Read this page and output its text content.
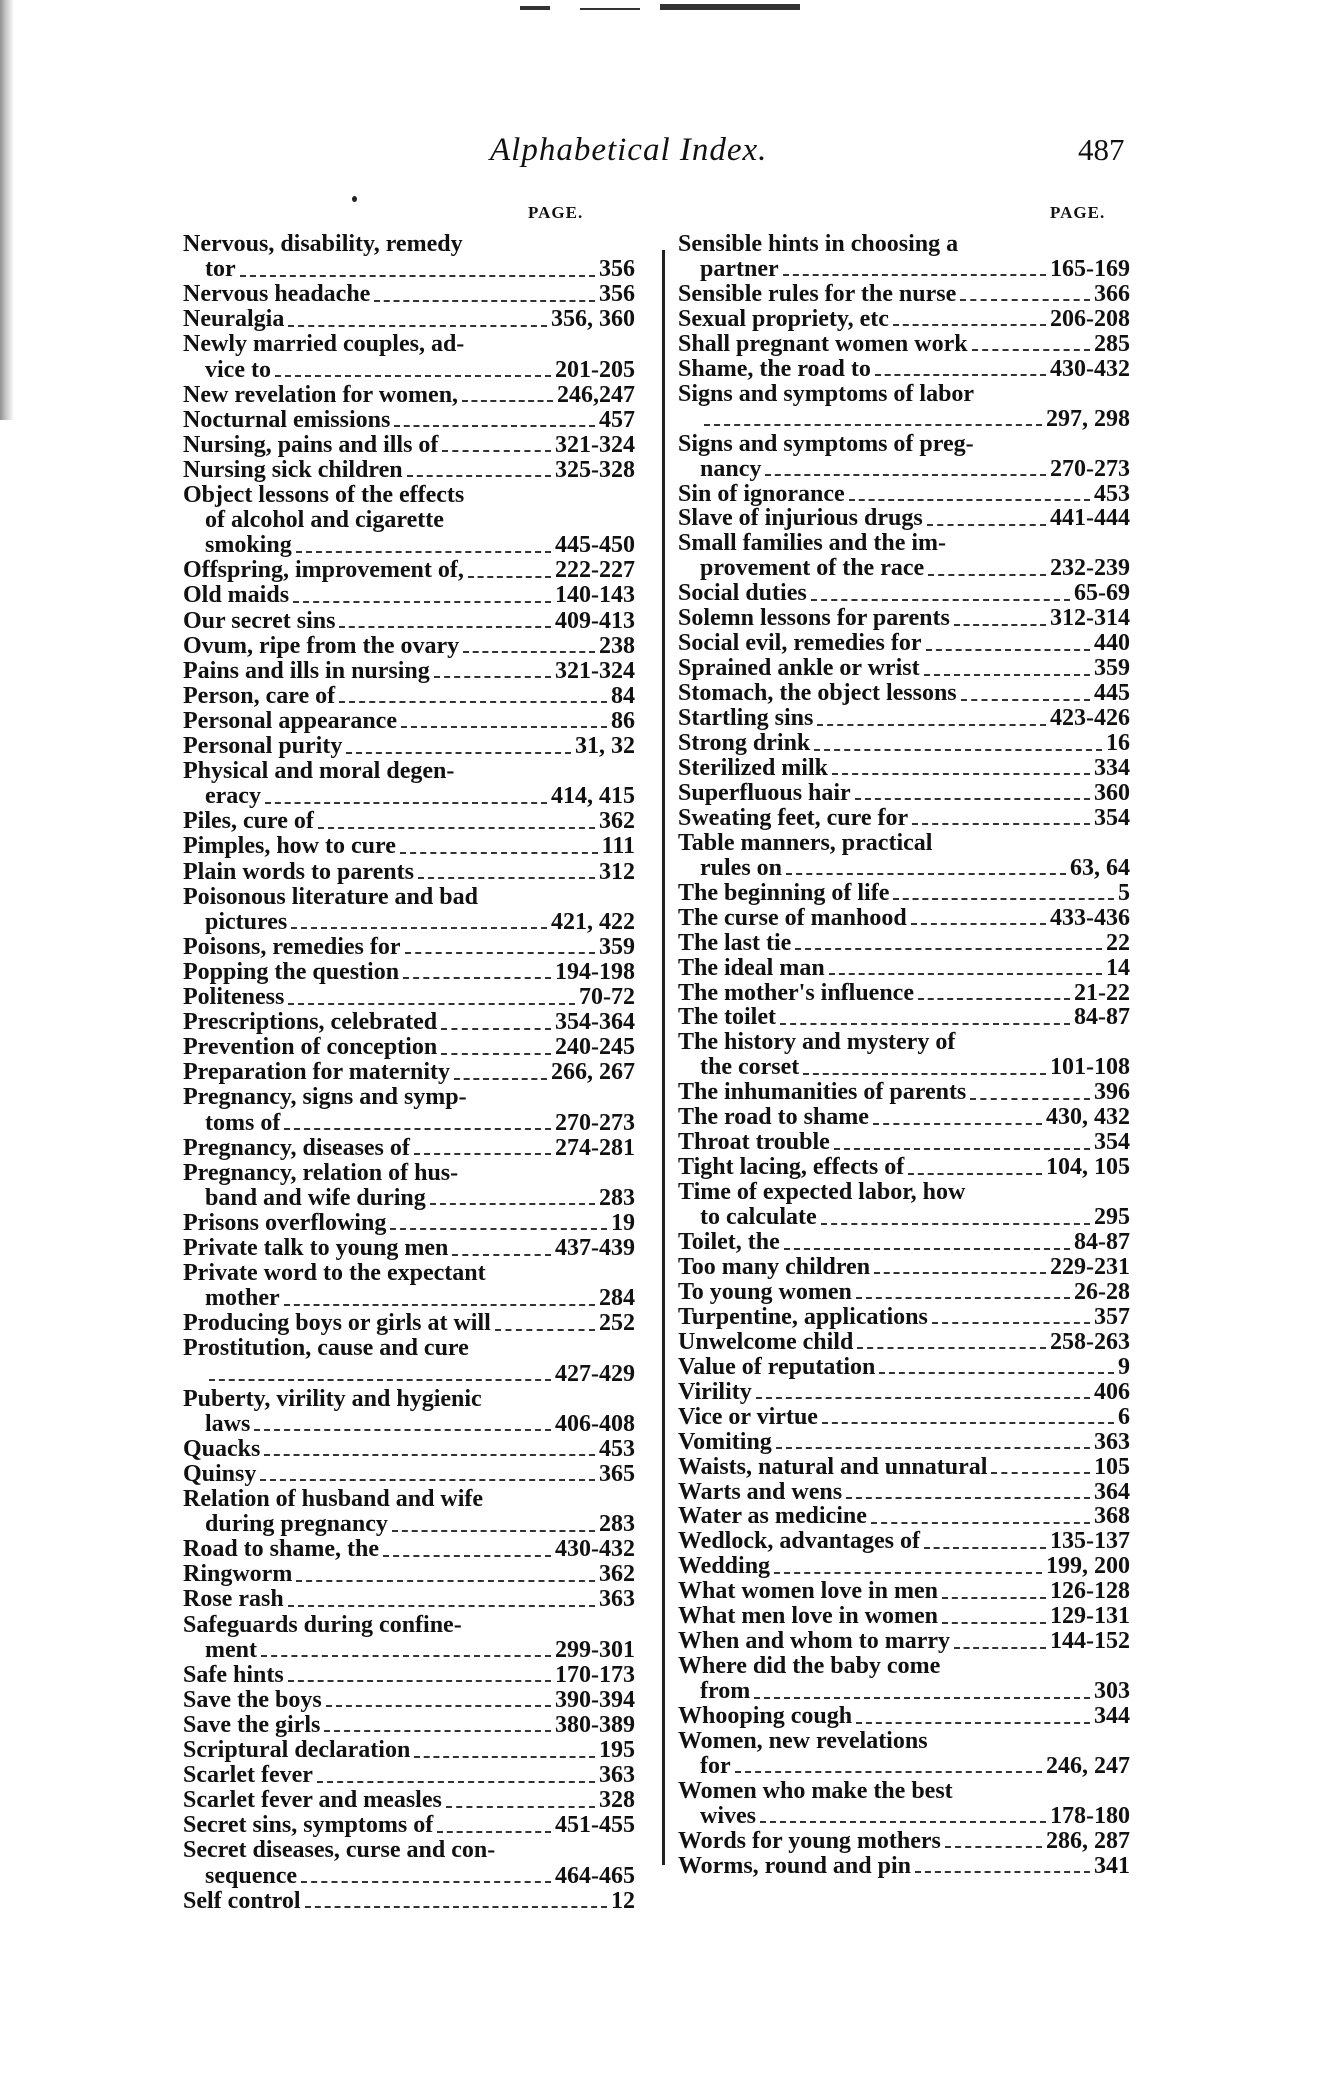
Alphabetical Index.	487
PAGE.	PAGE.
Nervous, disability, remedy
tor	356
Nervous headache	356
Neuralgia	356, 360
Newly married couples, ad-
vice to	201-205
New revelation for women,	246,247
Nocturnal emissions	457
Nursing, pains and ills of	321-324
Nursing sick children	325-328
Object lessons of the effects
of alcohol and cigarette
smoking	445-450
Offspring, improvement of,	222-227
Old maids	140-143
Our secret sins	409-413
Ovum, ripe from the ovary	238
Pains and ills in nursing	321-324
Person, care of	84
Personal appearance	86
Personal purity	31, 32
Physical and moral degen-
eracy	414, 415
Piles, cure of	362
Pimples, how to cure	111
Plain words to parents	312
Poisonous literature and bad
pictures	421, 422
Poisons, remedies for	359
Popping the question	194-198
Politeness	70-72
Prescriptions, celebrated	354-364
Prevention of conception	240-245
Preparation for maternity	266, 267
Pregnancy, signs and symp-
toms of	270-273
Pregnancy, diseases of	274-281
Pregnancy, relation of hus-
band and wife during	283
Prisons overflowing	19
Private talk to young men	437-439
Private word to the expectant
mother	284
Producing boys or girls at will	252
Prostitution, cause and cure
427-429
Puberty, virility and hygienic
laws	406-408
Quacks	453
Quinsy	365
Relation of husband and wife
during pregnancy	283
Road to shame, the	430-432
Ringworm	362
Rose rash	363
Safeguards during confine-
ment	299-301
Safe hints	170-173
Save the boys	390-394
Save the girls	380-389
Scriptural declaration	195
Scarlet fever	363
Scarlet fever and measles	328
Secret sins, symptoms of	451-455
Secret diseases, curse and con-
sequence	464-465
Self control	12
Sensible hints in choosing a
partner	165-169
Sensible rules for the nurse	366
Sexual propriety, etc	206-208
Shall pregnant women work	285
Shame, the road to	430-432
Signs and symptoms of labor
297, 298
Signs and symptoms of preg-
nancy	270-273
Sin of ignorance	453
Slave of injurious drugs	441-444
Small families and the im-
provement of the race	232-239
Social duties	65-69
Solemn lessons for parents	312-314
Social evil, remedies for	440
Sprained ankle or wrist	359
Stomach, the object lessons	445
Startling sins	423-426
Strong drink	16
Sterilized milk	334
Superfluous hair	360
Sweating feet, cure for	354
Table manners, practical
rules on	63, 64
The beginning of life	5
The curse of manhood	433-436
The last tie	22
The ideal man	14
The mother's influence	21-22
The toilet	84-87
The history and mystery of
the corset	101-108
The inhumanities of parents	396
The road to shame	430, 432
Throat trouble	354
Tight lacing, effects of	104, 105
Time of expected labor, how
to calculate	295
Toilet, the	84-87
Too many children	229-231
To young women	26-28
Turpentine, applications	357
Unwelcome child	258-263
Value of reputation	9
Virility	406
Vice or virtue	6
Vomiting	363
Waists, natural and unnatural	105
Warts and wens	364
Water as medicine	368
Wedlock, advantages of	135-137
Wedding	199, 200
What women love in men	126-128
What men love in women	129-131
When and whom to marry	144-152
Where did the baby come
from	303
Whooping cough	344
Women, new revelations
for	246, 247
Women who make the best
wives	178-180
Words for young mothers	286, 287
Worms, round and pin	341
